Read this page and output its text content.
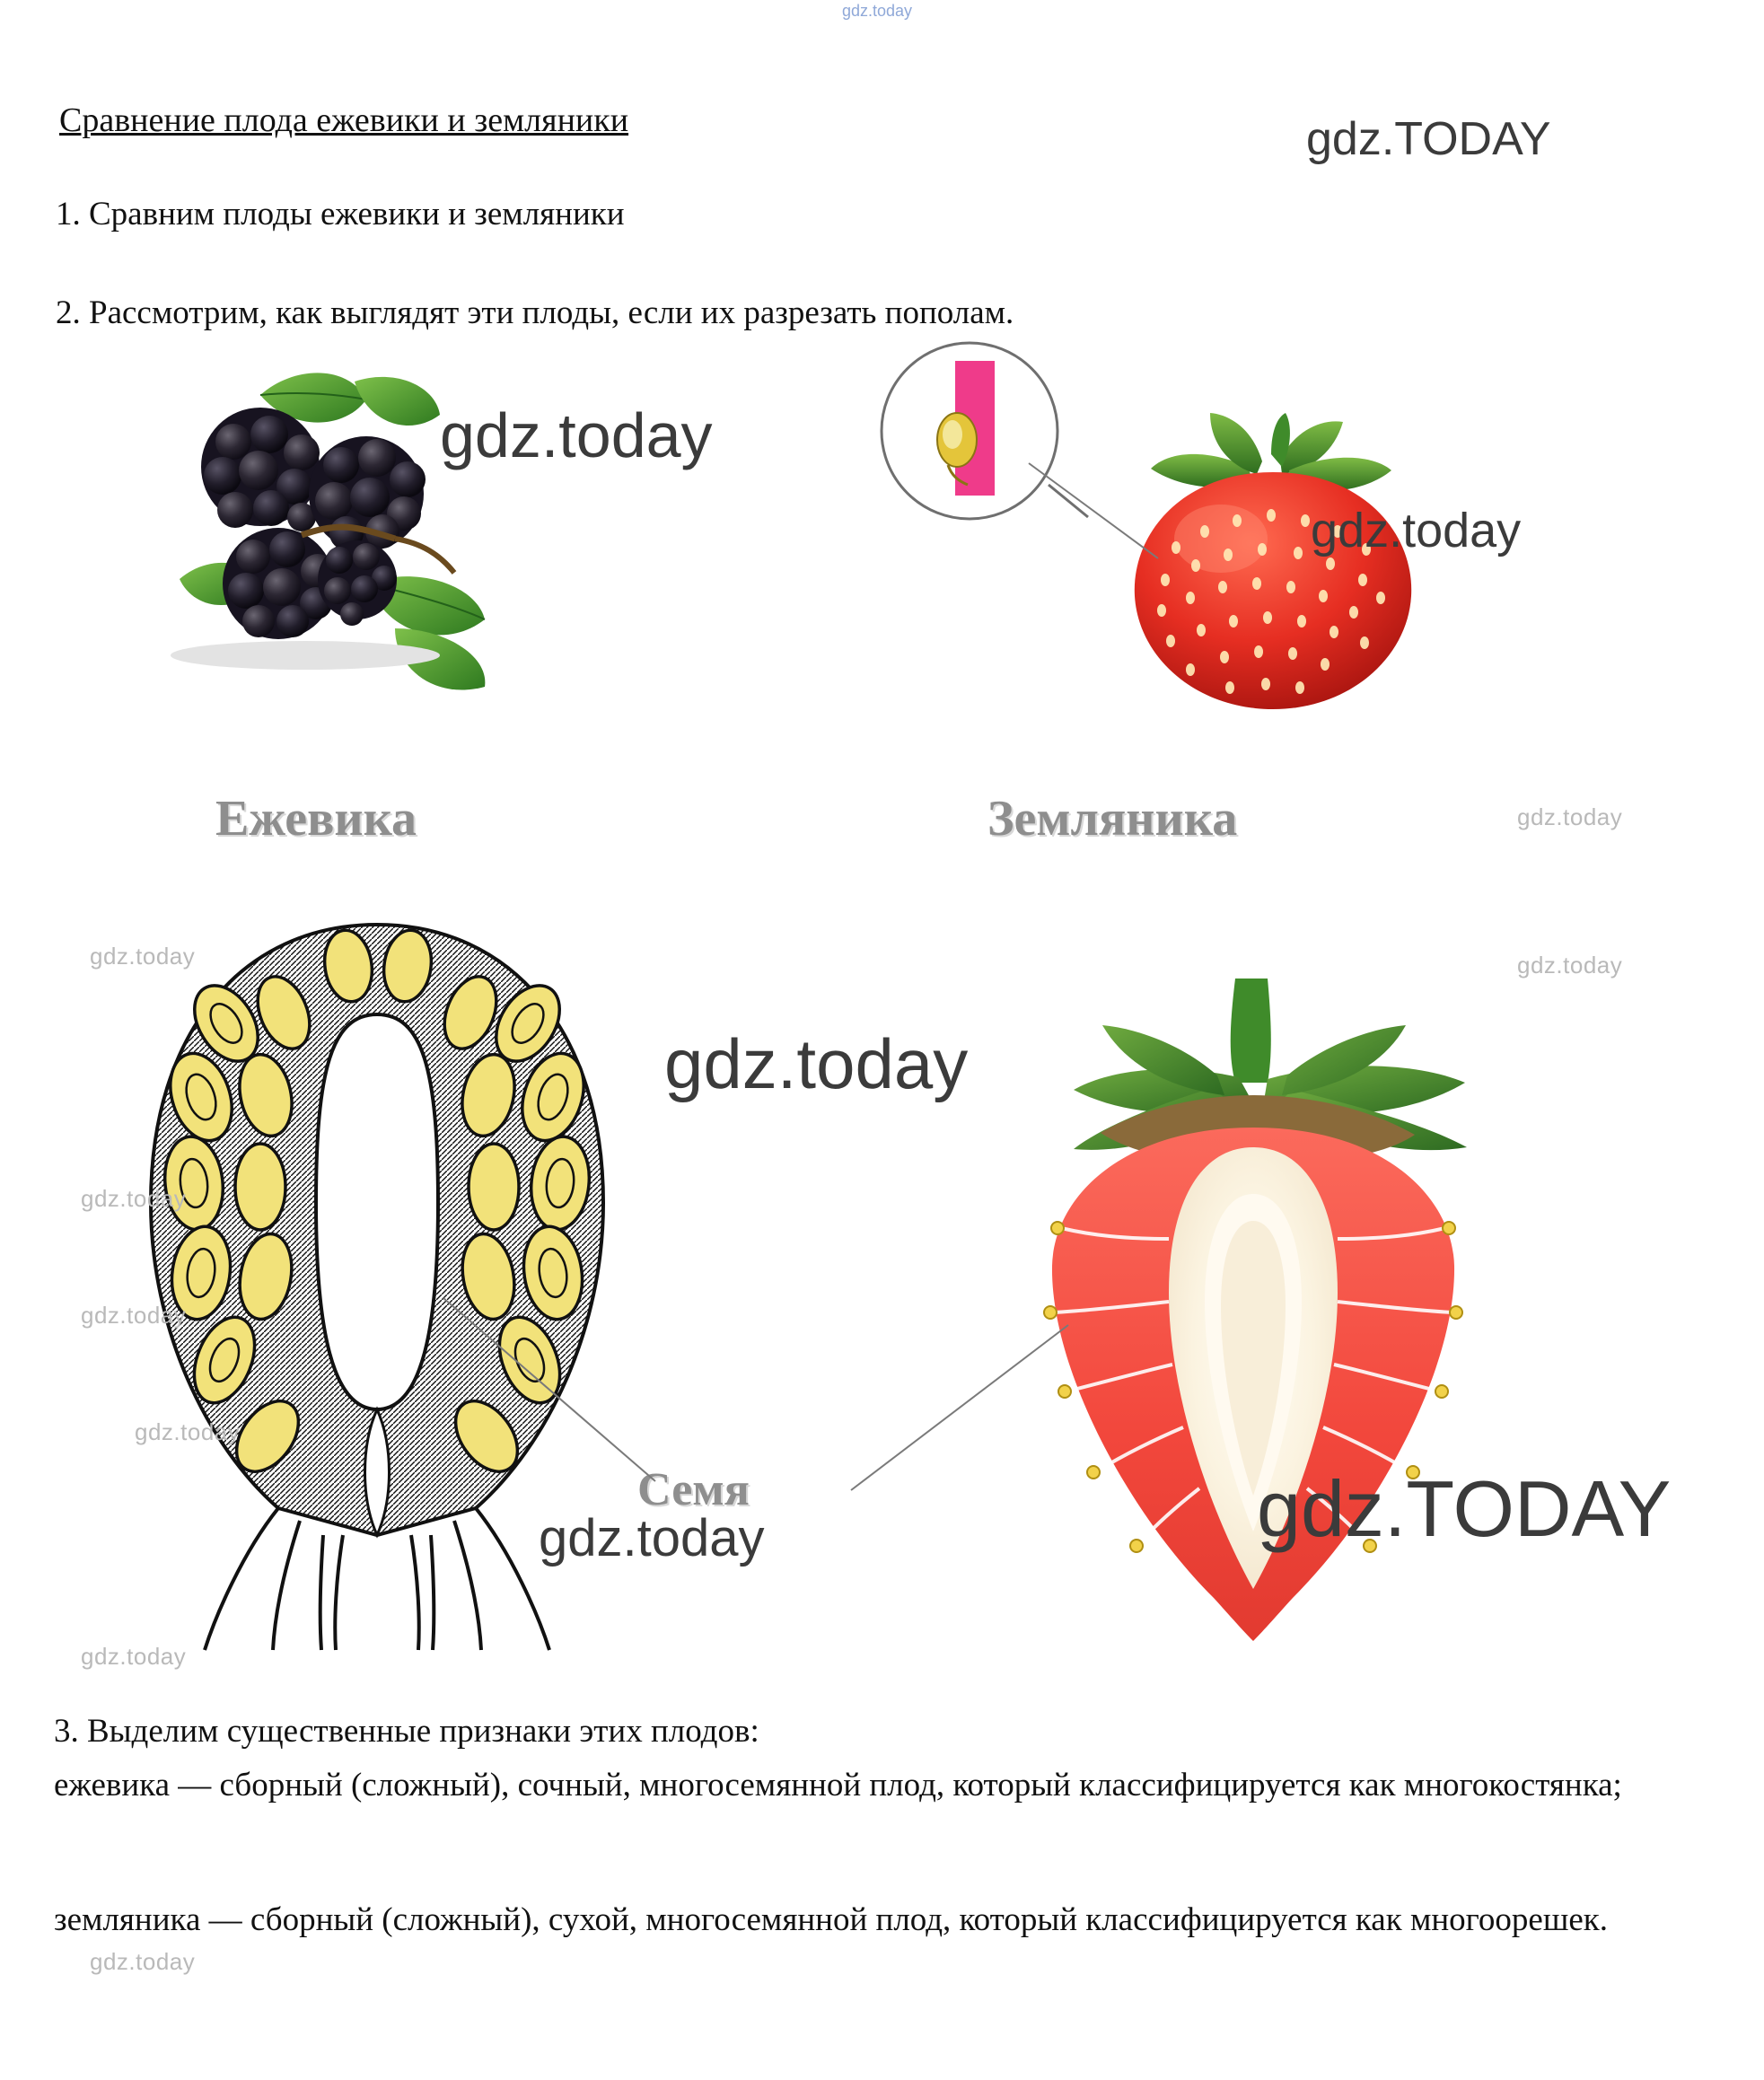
gdz.today
Сравнение плода ежевики и земляники	gdz.TODAY
1. Сравним плоды ежевики и земляники
2. Рассмотрим, как выглядят эти плоды, если их разрезать пополам.
gdz.today
gdz.today
Ежевика	Земляника	gdz.today
gdz.today
gdz.today
gdz.today
gdz.today
gdz.today
gdz.today
gdz.today
Семя
gdz.today	gdz.TODAY
3. Выделим существенные признаки этих плодов:
ежевика — сборный (сложный), сочный, многосемянной плод, который классифицируется как многокостянка;
земляника — сборный (сложный), сухой, многосемянной плод, который классифицируется как многоорешек.
gdz.today
